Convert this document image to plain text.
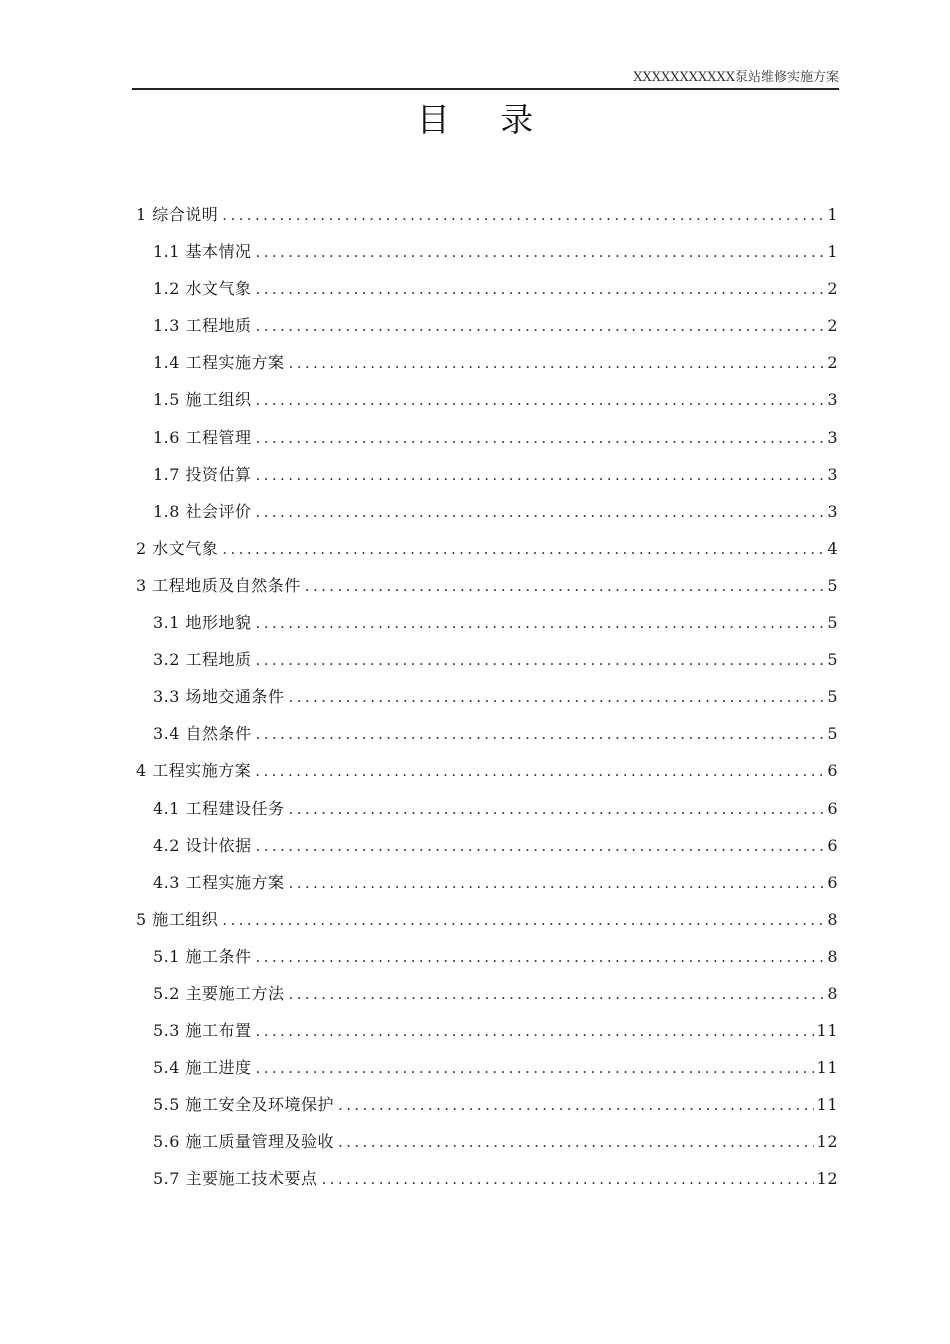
XXXXXXXXXXX泵站维修实施方案
目 录
1 综合说明 .....	1
1.1 基本情况 .....	1
1.2 水文气象 .....	2
1.3 工程地质 .....	2
1.4 工程实施方案 .....	2
1.5 施工组织 .....	3
1.6 工程管理 .....	3
1.7 投资估算 .....	3
1.8 社会评价 .....	3
2 水文气象 .....	4
3 工程地质及自然条件 .....	5
3.1 地形地貌 .....	5
3.2 工程地质 .....	5
3.3 场地交通条件 .....	5
3.4 自然条件 .....	5
4 工程实施方案 .....	6
4.1 工程建设任务 .....	6
4.2 设计依据 .....	6
4.3 工程实施方案 .....	6
5 施工组织 .....	8
5.1 施工条件 .....	8
5.2 主要施工方法 .....	8
5.3 施工布置 .....	11
5.4 施工进度 .....	11
5.5 施工安全及环境保护 .....	11
5.6 施工质量管理及验收 .....	12
5.7 主要施工技术要点 .....	12
